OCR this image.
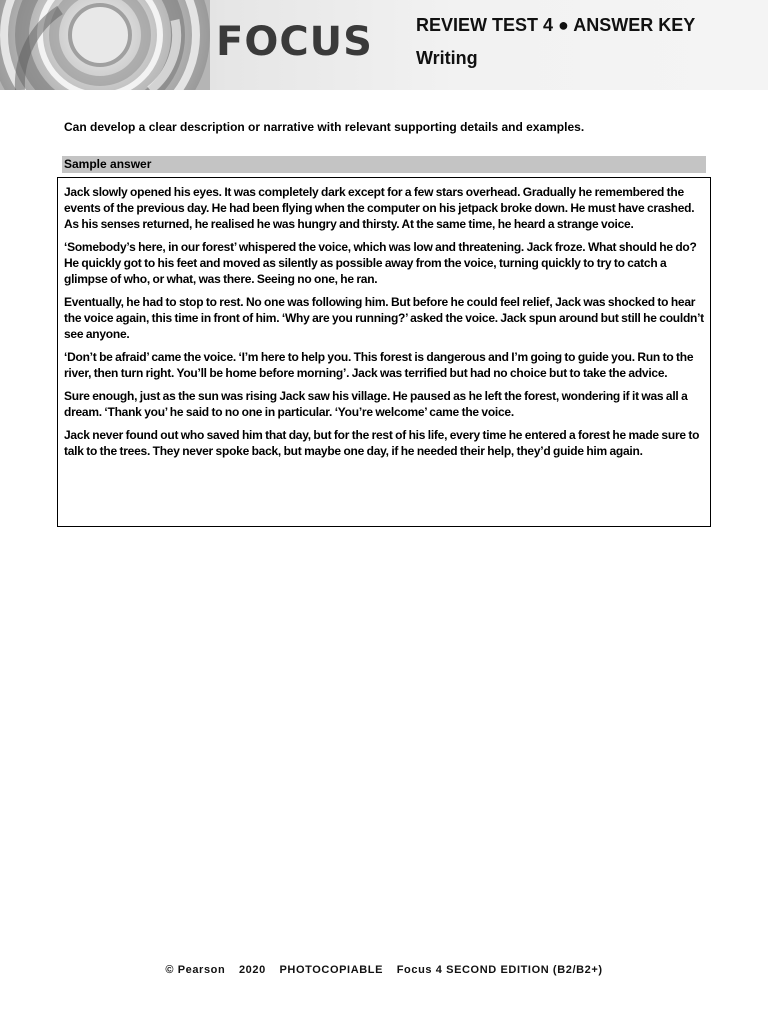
FOCUS REVIEW TEST 4 ● ANSWER KEY
Writing
Can develop a clear description or narrative with relevant supporting details and examples.
Sample answer

Jack slowly opened his eyes. It was completely dark except for a few stars overhead. Gradually he remembered the events of the previous day. He had been flying when the computer on his jetpack broke down. He must have crashed. As his senses returned, he realised he was hungry and thirsty. At the same time, he heard a strange voice.

‘Somebody’s here, in our forest’ whispered the voice, which was low and threatening. Jack froze. What should he do? He quickly got to his feet and moved as silently as possible away from the voice, turning quickly to try to catch a glimpse of who, or what, was there. Seeing no one, he ran.

Eventually, he had to stop to rest. No one was following him. But before he could feel relief, Jack was shocked to hear the voice again, this time in front of him. ‘Why are you running?’ asked the voice. Jack spun around but still he couldn’t see anyone.

‘Don’t be afraid’ came the voice. ‘I’m here to help you. This forest is dangerous and I’m going to guide you. Run to the river, then turn right. You’ll be home before morning’. Jack was terrified but had no choice but to take the advice.

Sure enough, just as the sun was rising Jack saw his village. He paused as he left the forest, wondering if it was all a dream. ‘Thank you’ he said to no one in particular. ‘You’re welcome’ came the voice.

Jack never found out who saved him that day, but for the rest of his life, every time he entered a forest he made sure to talk to the trees. They never spoke back, but maybe one day, if he needed their help, they’d guide him again.

© Pearson 2020 PHOTOCOPIABLE Focus 4 SECOND EDITION (B2/B2+)
